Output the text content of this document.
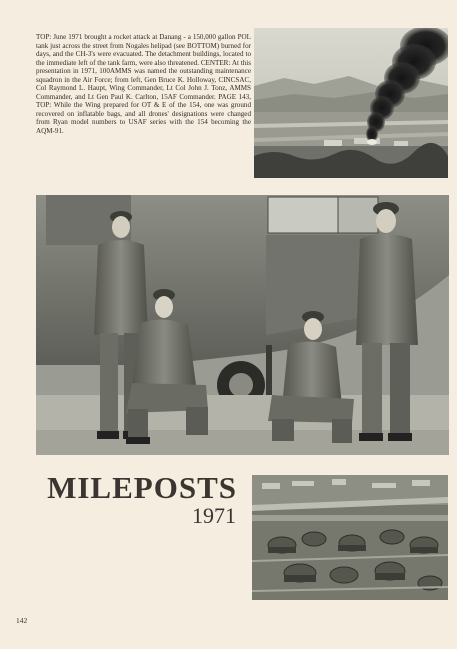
TOP: June 1971 brought a rocket attack at Danang - a 150,000 gallon POL tank just across the street from Nogales helipad (see BOTTOM) burned for days, and the CH-3's were evacuated. The detachment buildings, located to the immediate left of the tank farm, were also threatened. CENTER: At this presentation in 1971, 100AMMS was named the outstanding maintenance squadron in the Air Force; from left, Gen Bruce K. Holloway, CINCSAC, Col Raymond L. Haupt, Wing Commander, Lt Col John J. Tonz, AMMS Commander, and Lt Gen Paul K. Carlton, 15AF Commander. PAGE 143, TOP: While the Wing prepared for OT & E of the 154, one was ground recovered on inflatable bags, and all drones' designations were changed from Ryan model numbers to USAF series with the 154 becoming the AQM-91.

MILEPOSTS
1971
142
